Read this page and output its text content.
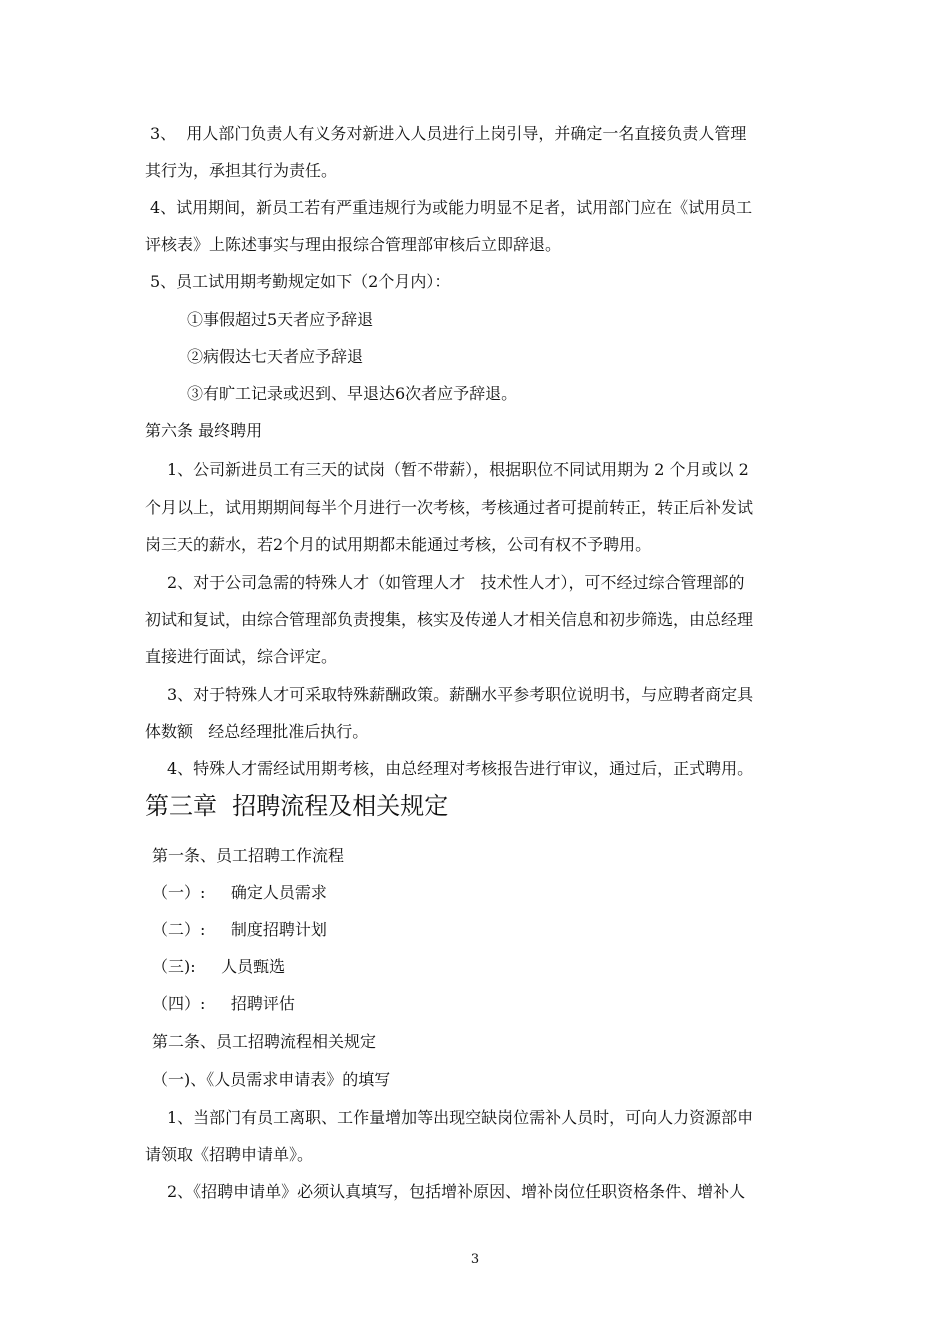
3、  用人部门负责人有义务对新进入人员进行上岗引导，并确定一名直接负责人管理

其行为，承担其行为责任。

4、试用期间，新员工若有严重违规行为或能力明显不足者，试用部门应在《试用员工

评核表》上陈述事实与理由报综合管理部审核后立即辞退。

5、员工试用期考勤规定如下（2个月内）：

①事假超过5天者应予辞退

②病假达七天者应予辞退

③有旷工记录或迟到、早退达6次者应予辞退。

第六条 最终聘用

1、公司新进员工有三天的试岗（暂不带薪），根据职位不同试用期为 2 个月或以 2

个月以上，试用期期间每半个月进行一次考核，考核通过者可提前转正，转正后补发试

岗三天的薪水，若2个月的试用期都未能通过考核，公司有权不予聘用。

2、对于公司急需的特殊人才（如管理人才   技术性人才），可不经过综合管理部的

初试和复试，由综合管理部负责搜集，核实及传递人才相关信息和初步筛选，由总经理

直接进行面试，综合评定。

3、对于特殊人才可采取特殊薪酬政策。薪酬水平参考职位说明书，与应聘者商定具

体数额   经总经理批准后执行。

4、特殊人才需经试用期考核，由总经理对考核报告进行审议，通过后，正式聘用。

第三章  招聘流程及相关规定

第一条、员工招聘工作流程

（一）:     确定人员需求

（二）:     制度招聘计划

（三):     人员甄选

（四）:     招聘评估

第二条、员工招聘流程相关规定

（一)、《人员需求申请表》的填写

1、当部门有员工离职、工作量增加等出现空缺岗位需补人员时，可向人力资源部申

请领取《招聘申请单》。

2、《招聘申请单》必须认真填写，包括增补原因、增补岗位任职资格条件、增补人

3
